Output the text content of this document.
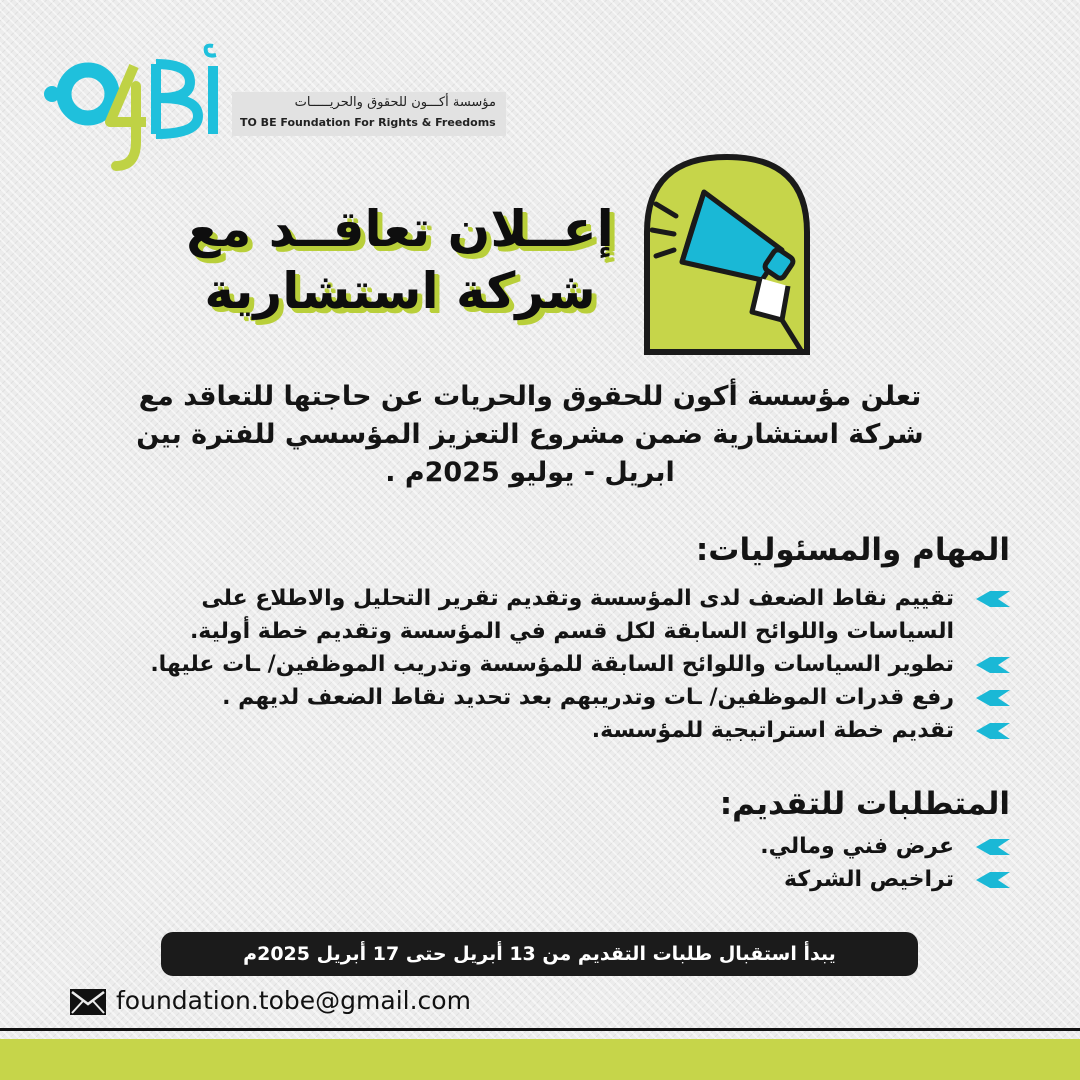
مؤسسة أكـــون للحقوق والحريـــــات
TO BE Foundation For Rights & Freedoms
إعــلان تعاقــد مع
شركة استشارية
تعلن مؤسسة أكون للحقوق والحريات عن حاجتها للتعاقد مع
شركة استشارية ضمن مشروع التعزيز المؤسسي للفترة بين
ابريل - يوليو 2025م .
المهام والمسئوليات:
تقييم نقاط الضعف لدى المؤسسة وتقديم تقرير التحليل والاطلاع على السياسات واللوائح السابقة لكل قسم في المؤسسة وتقديم خطة أولية.
تطوير السياسات واللوائح السابقة للمؤسسة وتدريب الموظفين/ ـات عليها.
رفع قدرات الموظفين/ ـات وتدريبهم بعد تحديد نقاط الضعف لديهم .
تقديم خطة استراتيجية للمؤسسة.
المتطلبات للتقديم:
عرض فني ومالي.
تراخيص الشركة
يبدأ استقبال طلبات التقديم من 13 أبريل حتى 17 أبريل 2025م
foundation.tobe@gmail.com
